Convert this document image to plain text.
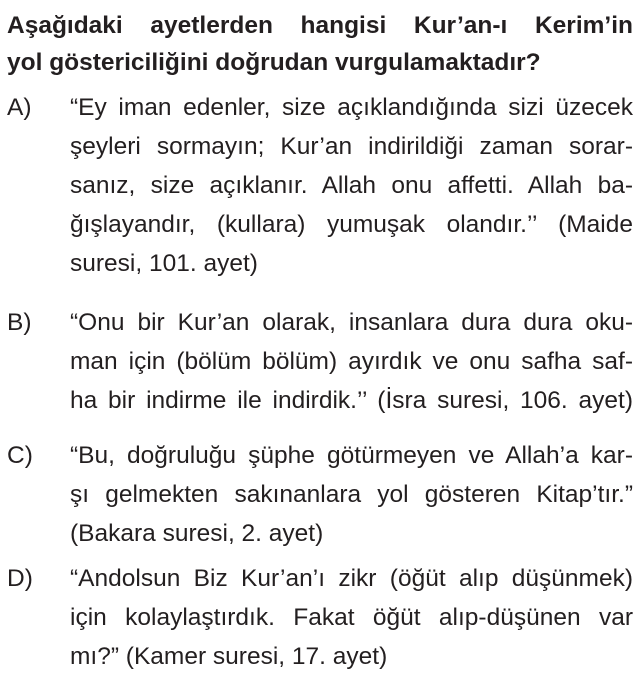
Aşağıdaki ayetlerden hangisi Kur’an-ı Kerim’in
yol göstericiliğini doğrudan vurgulamaktadır?
A) “Ey iman edenler, size açıklandığında sizi üzecek
şeyleri sormayın; Kur’an indirildiği zaman sorar-
sanız, size açıklanır. Allah onu affetti. Allah ba-
ğışlayandır, (kullara) yumuşak olandır.’’ (Maide
suresi, 101. ayet)
B) “Onu bir Kur’an olarak, insanlara dura dura oku-
man için (bölüm bölüm) ayırdık ve onu safha saf-
ha bir indirme ile indirdik.’’ (İsra suresi, 106. ayet)
C) “Bu, doğruluğu şüphe götürmeyen ve Allah’a kar-
şı gelmekten sakınanlara yol gösteren Kitap’tır.”
(Bakara suresi, 2. ayet)
D) “Andolsun Biz Kur’an’ı zikr (öğüt alıp düşünmek)
için kolaylaştırdık. Fakat öğüt alıp-düşünen var
mı?” (Kamer suresi, 17. ayet)
